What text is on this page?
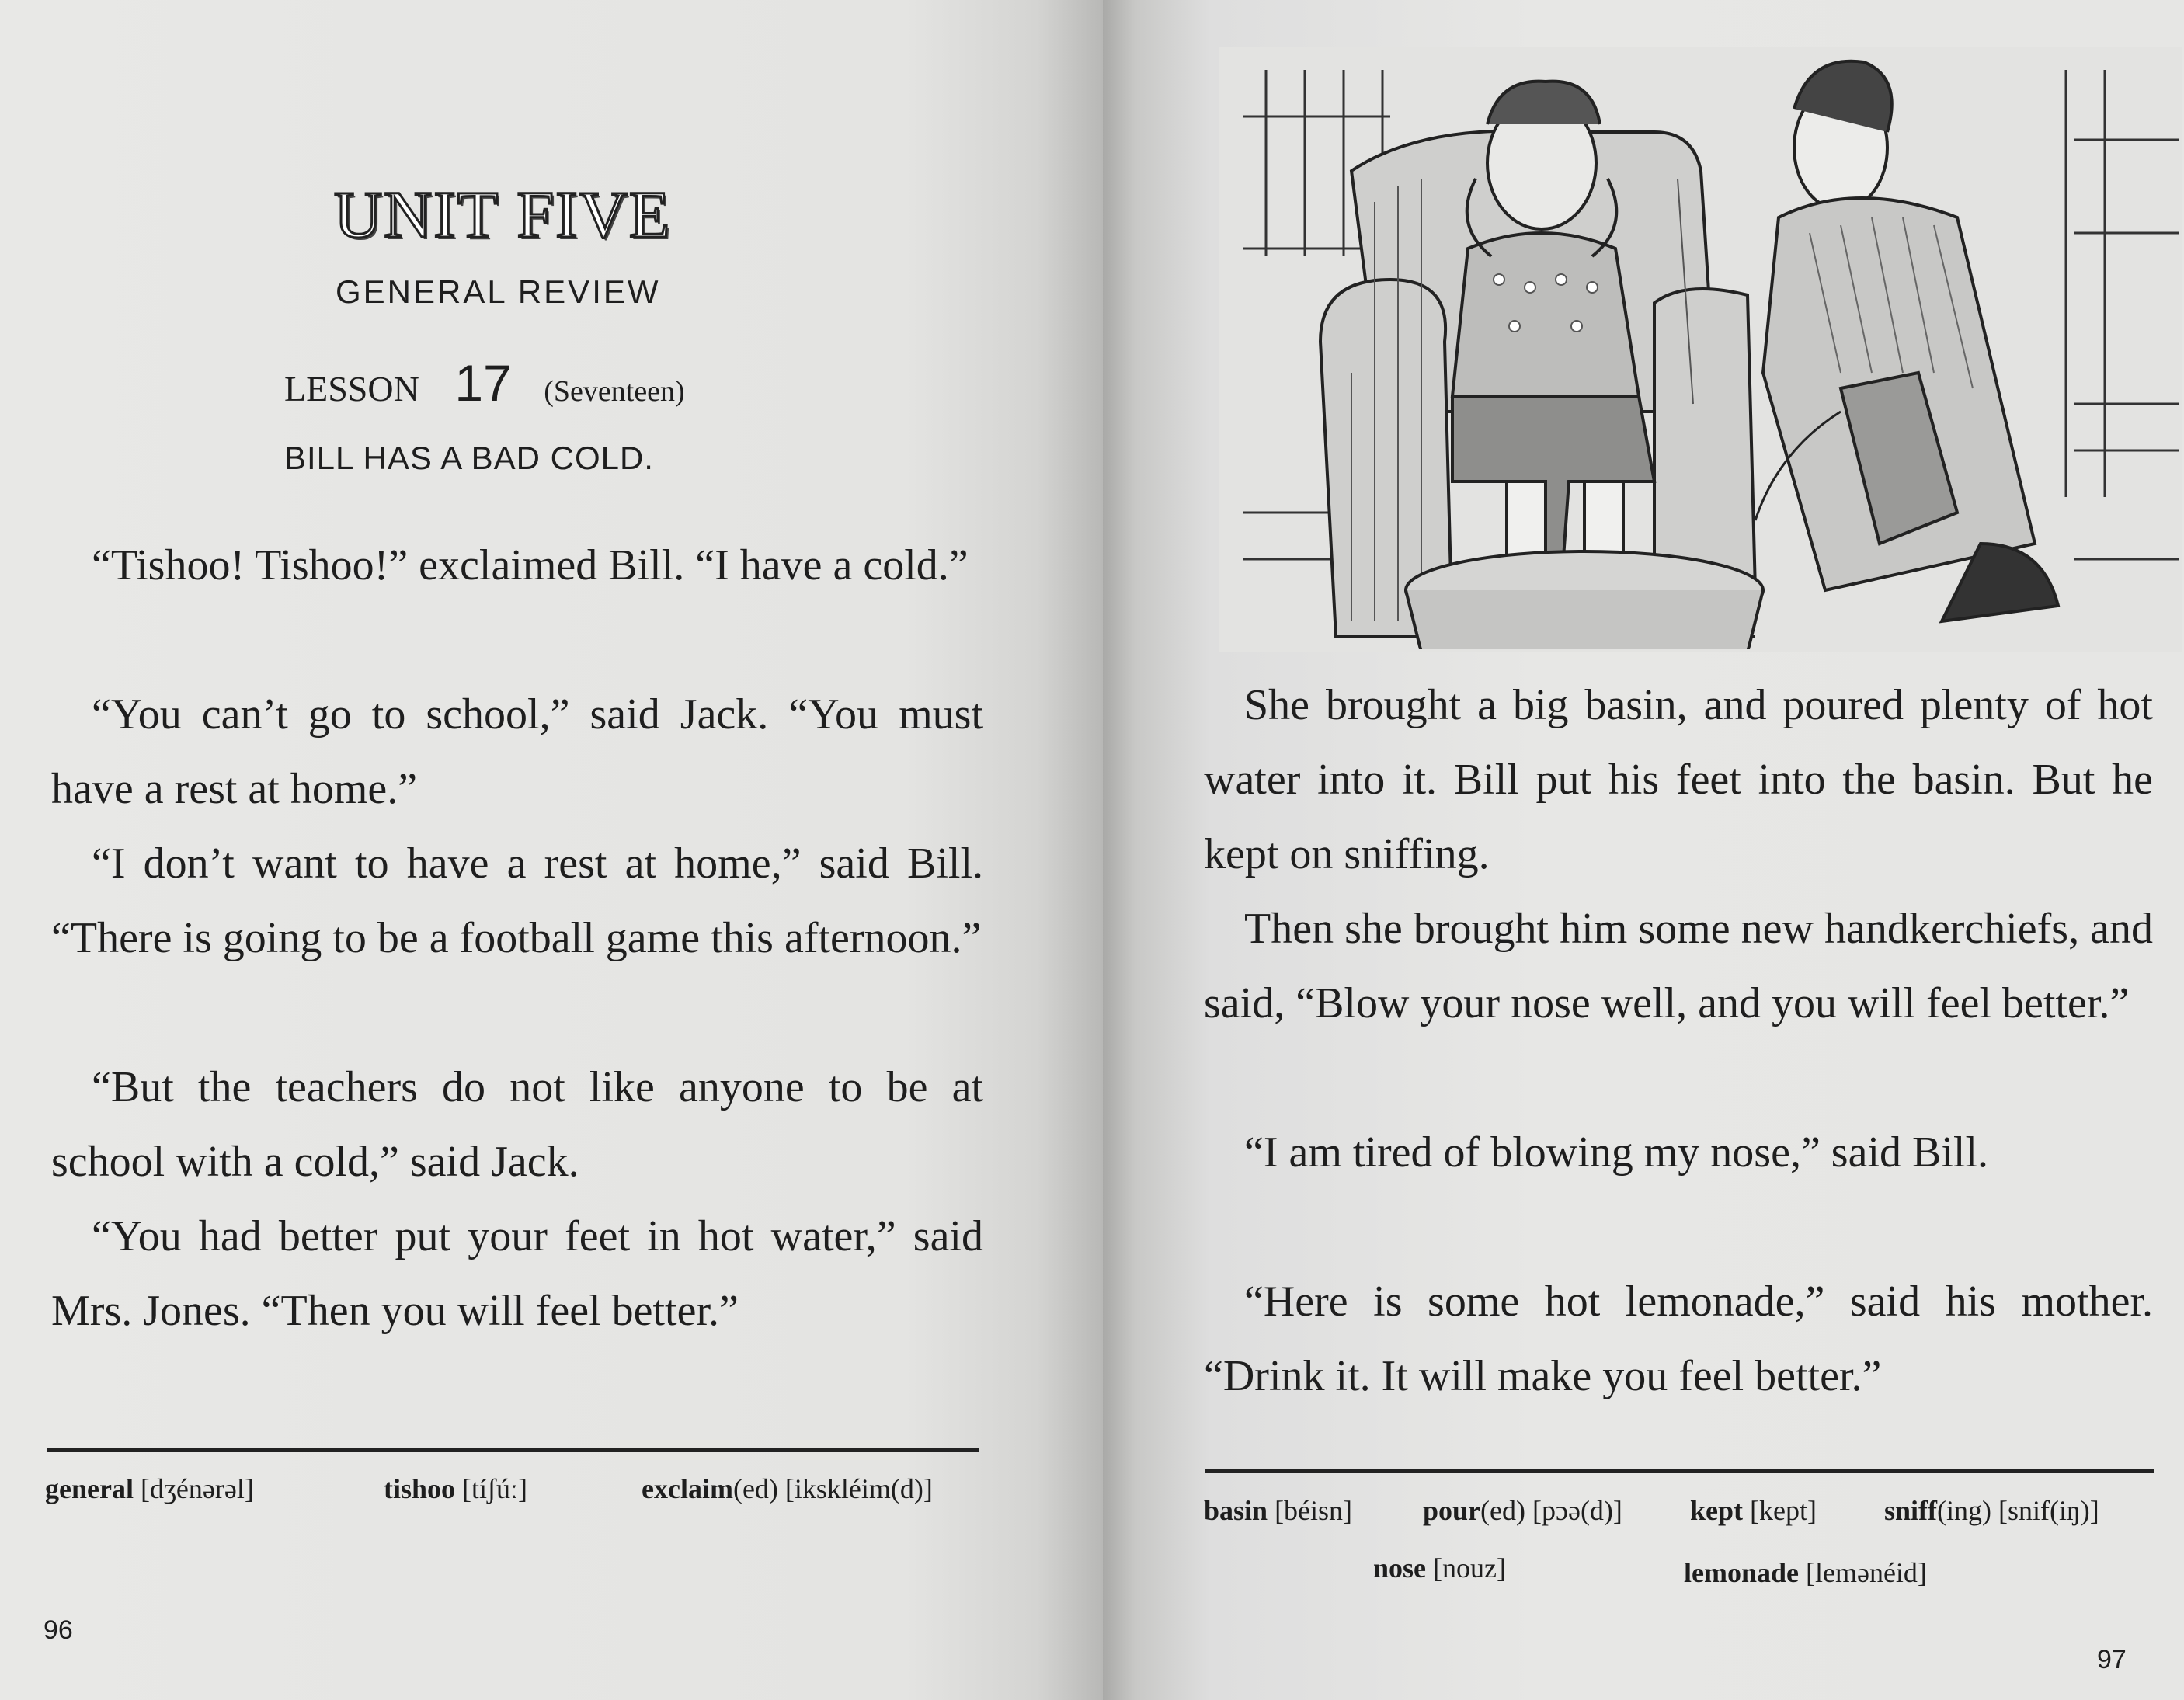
UNIT FIVE
GENERAL REVIEW
LESSON 17 (Seventeen)
BILL HAS A BAD COLD.

“Tishoo! Tishoo!” exclaimed Bill. “I have a cold.”

“You can’t go to school,” said Jack. “You must have a rest at home.”

“I don’t want to have a rest at home,” said Bill. “There is going to be a football game this afternoon.”

“But the teachers do not like anyone to be at school with a cold,” said Jack.

“You had better put your feet in hot water,” said Mrs. Jones. “Then you will feel better.”

general [dʒénərəl]	tishoo [tíʃúː]	exclaim(ed) [ikskléim(d)]
96

She brought a big basin, and poured plenty of hot water into it. Bill put his feet into the basin. But he kept on sniffing.

Then she brought him some new handkerchiefs, and said, “Blow your nose well, and you will feel better.”

“I am tired of blowing my nose,” said Bill.

“Here is some hot lemonade,” said his mother. “Drink it. It will make you feel better.”

basin [béisn]	pour(ed) [pɔə(d)] kept [kept] sniff(ing) [snif(iŋ)]
nose [nouz]	lemonade [lemənéid]
97
